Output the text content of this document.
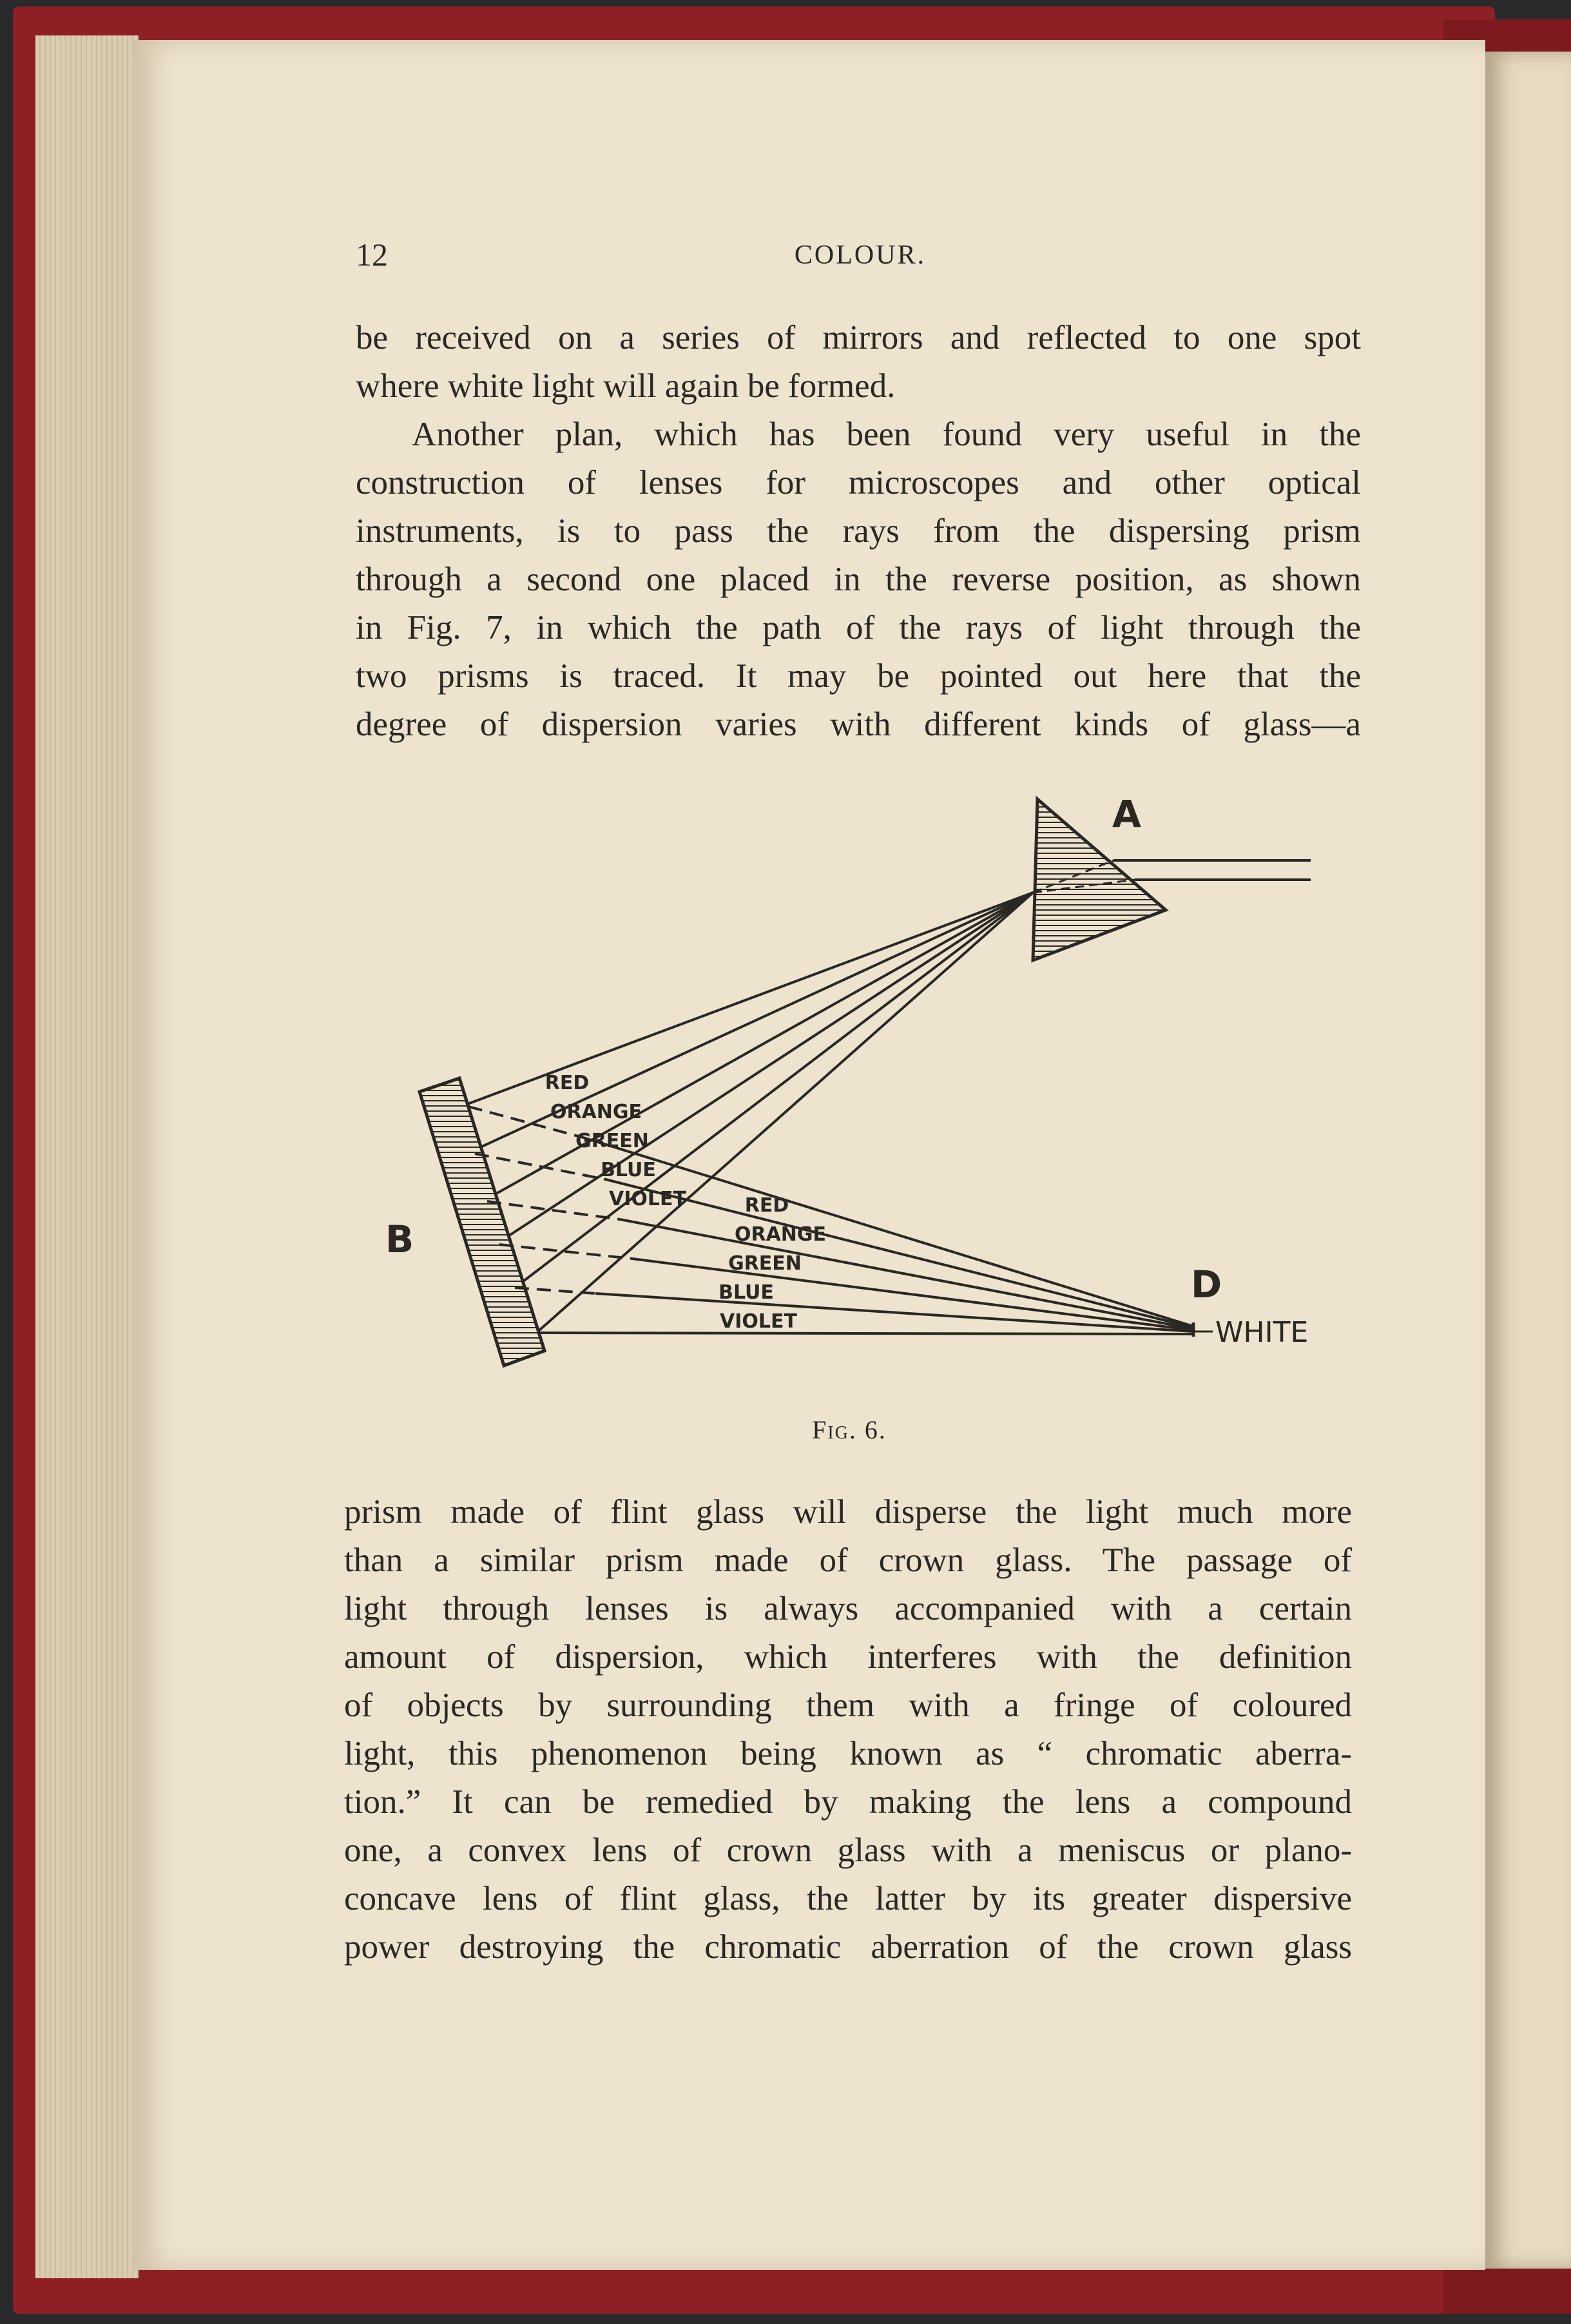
12	COLOUR.
be received on a series of mirrors and reflected to one spot
where white light will again be formed.
Another plan, which has been found very useful in the
construction of lenses for microscopes and other optical
instruments, is to pass the rays from the dispersing prism
through a second one placed in the reverse position, as shown
in Fig. 7, in which the path of the rays of light through the
two prisms is traced. It may be pointed out here that the
degree of dispersion varies with different kinds of glass—a
A
B
D
WHITE
RED
ORANGE
GREEN
BLUE
VIOLET	RED
ORANGE
GREEN
BLUE
VIOLET
Fig. 6.
prism made of flint glass will disperse the light much more
than a similar prism made of crown glass. The passage of
light through lenses is always accompanied with a certain
amount of dispersion, which interferes with the definition
of objects by surrounding them with a fringe of coloured
light, this phenomenon being known as “ chromatic aberra-
tion.” It can be remedied by making the lens a compound
one, a convex lens of crown glass with a meniscus or plano-
concave lens of flint glass, the latter by its greater dispersive
power destroying the chromatic aberration of the crown glass
